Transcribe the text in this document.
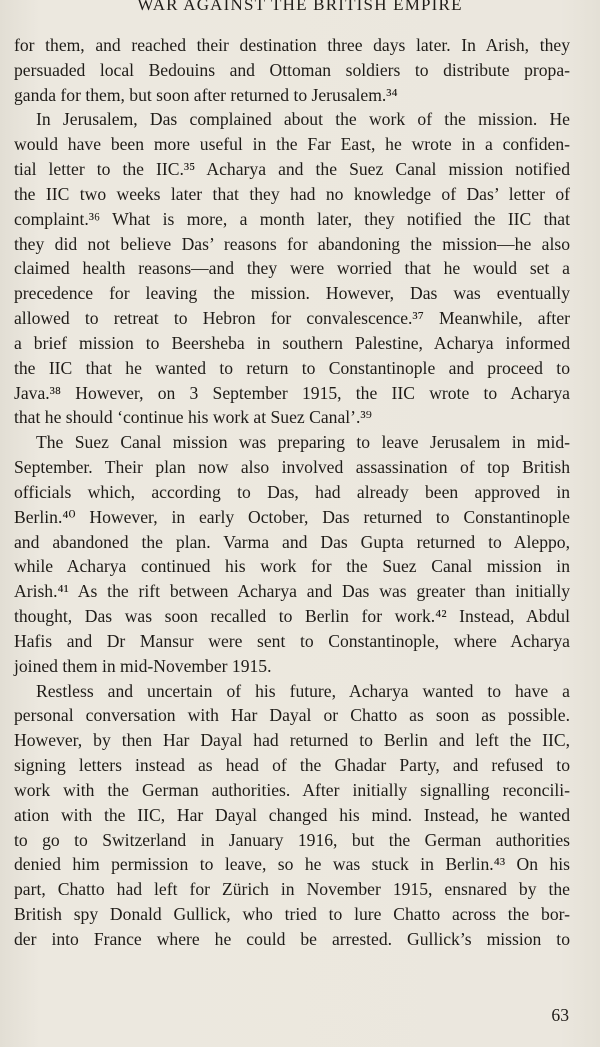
WAR AGAINST THE BRITISH EMPIRE
for them, and reached their destination three days later. In Arish, they
persuaded local Bedouins and Ottoman soldiers to distribute propa-
ganda for them, but soon after returned to Jerusalem.³⁴
In Jerusalem, Das complained about the work of the mission. He
would have been more useful in the Far East, he wrote in a confiden-
tial letter to the IIC.³⁵ Acharya and the Suez Canal mission notified
the IIC two weeks later that they had no knowledge of Das’ letter of
complaint.³⁶ What is more, a month later, they notified the IIC that
they did not believe Das’ reasons for abandoning the mission—he also
claimed health reasons—and they were worried that he would set a
precedence for leaving the mission. However, Das was eventually
allowed to retreat to Hebron for convalescence.³⁷ Meanwhile, after
a brief mission to Beersheba in southern Palestine, Acharya informed
the IIC that he wanted to return to Constantinople and proceed to
Java.³⁸ However, on 3 September 1915, the IIC wrote to Acharya
that he should ‘continue his work at Suez Canal’.³⁹
The Suez Canal mission was preparing to leave Jerusalem in mid-
September. Their plan now also involved assassination of top British
officials which, according to Das, had already been approved in
Berlin.⁴⁰ However, in early October, Das returned to Constantinople
and abandoned the plan. Varma and Das Gupta returned to Aleppo,
while Acharya continued his work for the Suez Canal mission in
Arish.⁴¹ As the rift between Acharya and Das was greater than initially
thought, Das was soon recalled to Berlin for work.⁴² Instead, Abdul
Hafis and Dr Mansur were sent to Constantinople, where Acharya
joined them in mid-November 1915.
Restless and uncertain of his future, Acharya wanted to have a
personal conversation with Har Dayal or Chatto as soon as possible.
However, by then Har Dayal had returned to Berlin and left the IIC,
signing letters instead as head of the Ghadar Party, and refused to
work with the German authorities. After initially signalling reconcili-
ation with the IIC, Har Dayal changed his mind. Instead, he wanted
to go to Switzerland in January 1916, but the German authorities
denied him permission to leave, so he was stuck in Berlin.⁴³ On his
part, Chatto had left for Zürich in November 1915, ensnared by the
British spy Donald Gullick, who tried to lure Chatto across the bor-
der into France where he could be arrested. Gullick’s mission to
63
